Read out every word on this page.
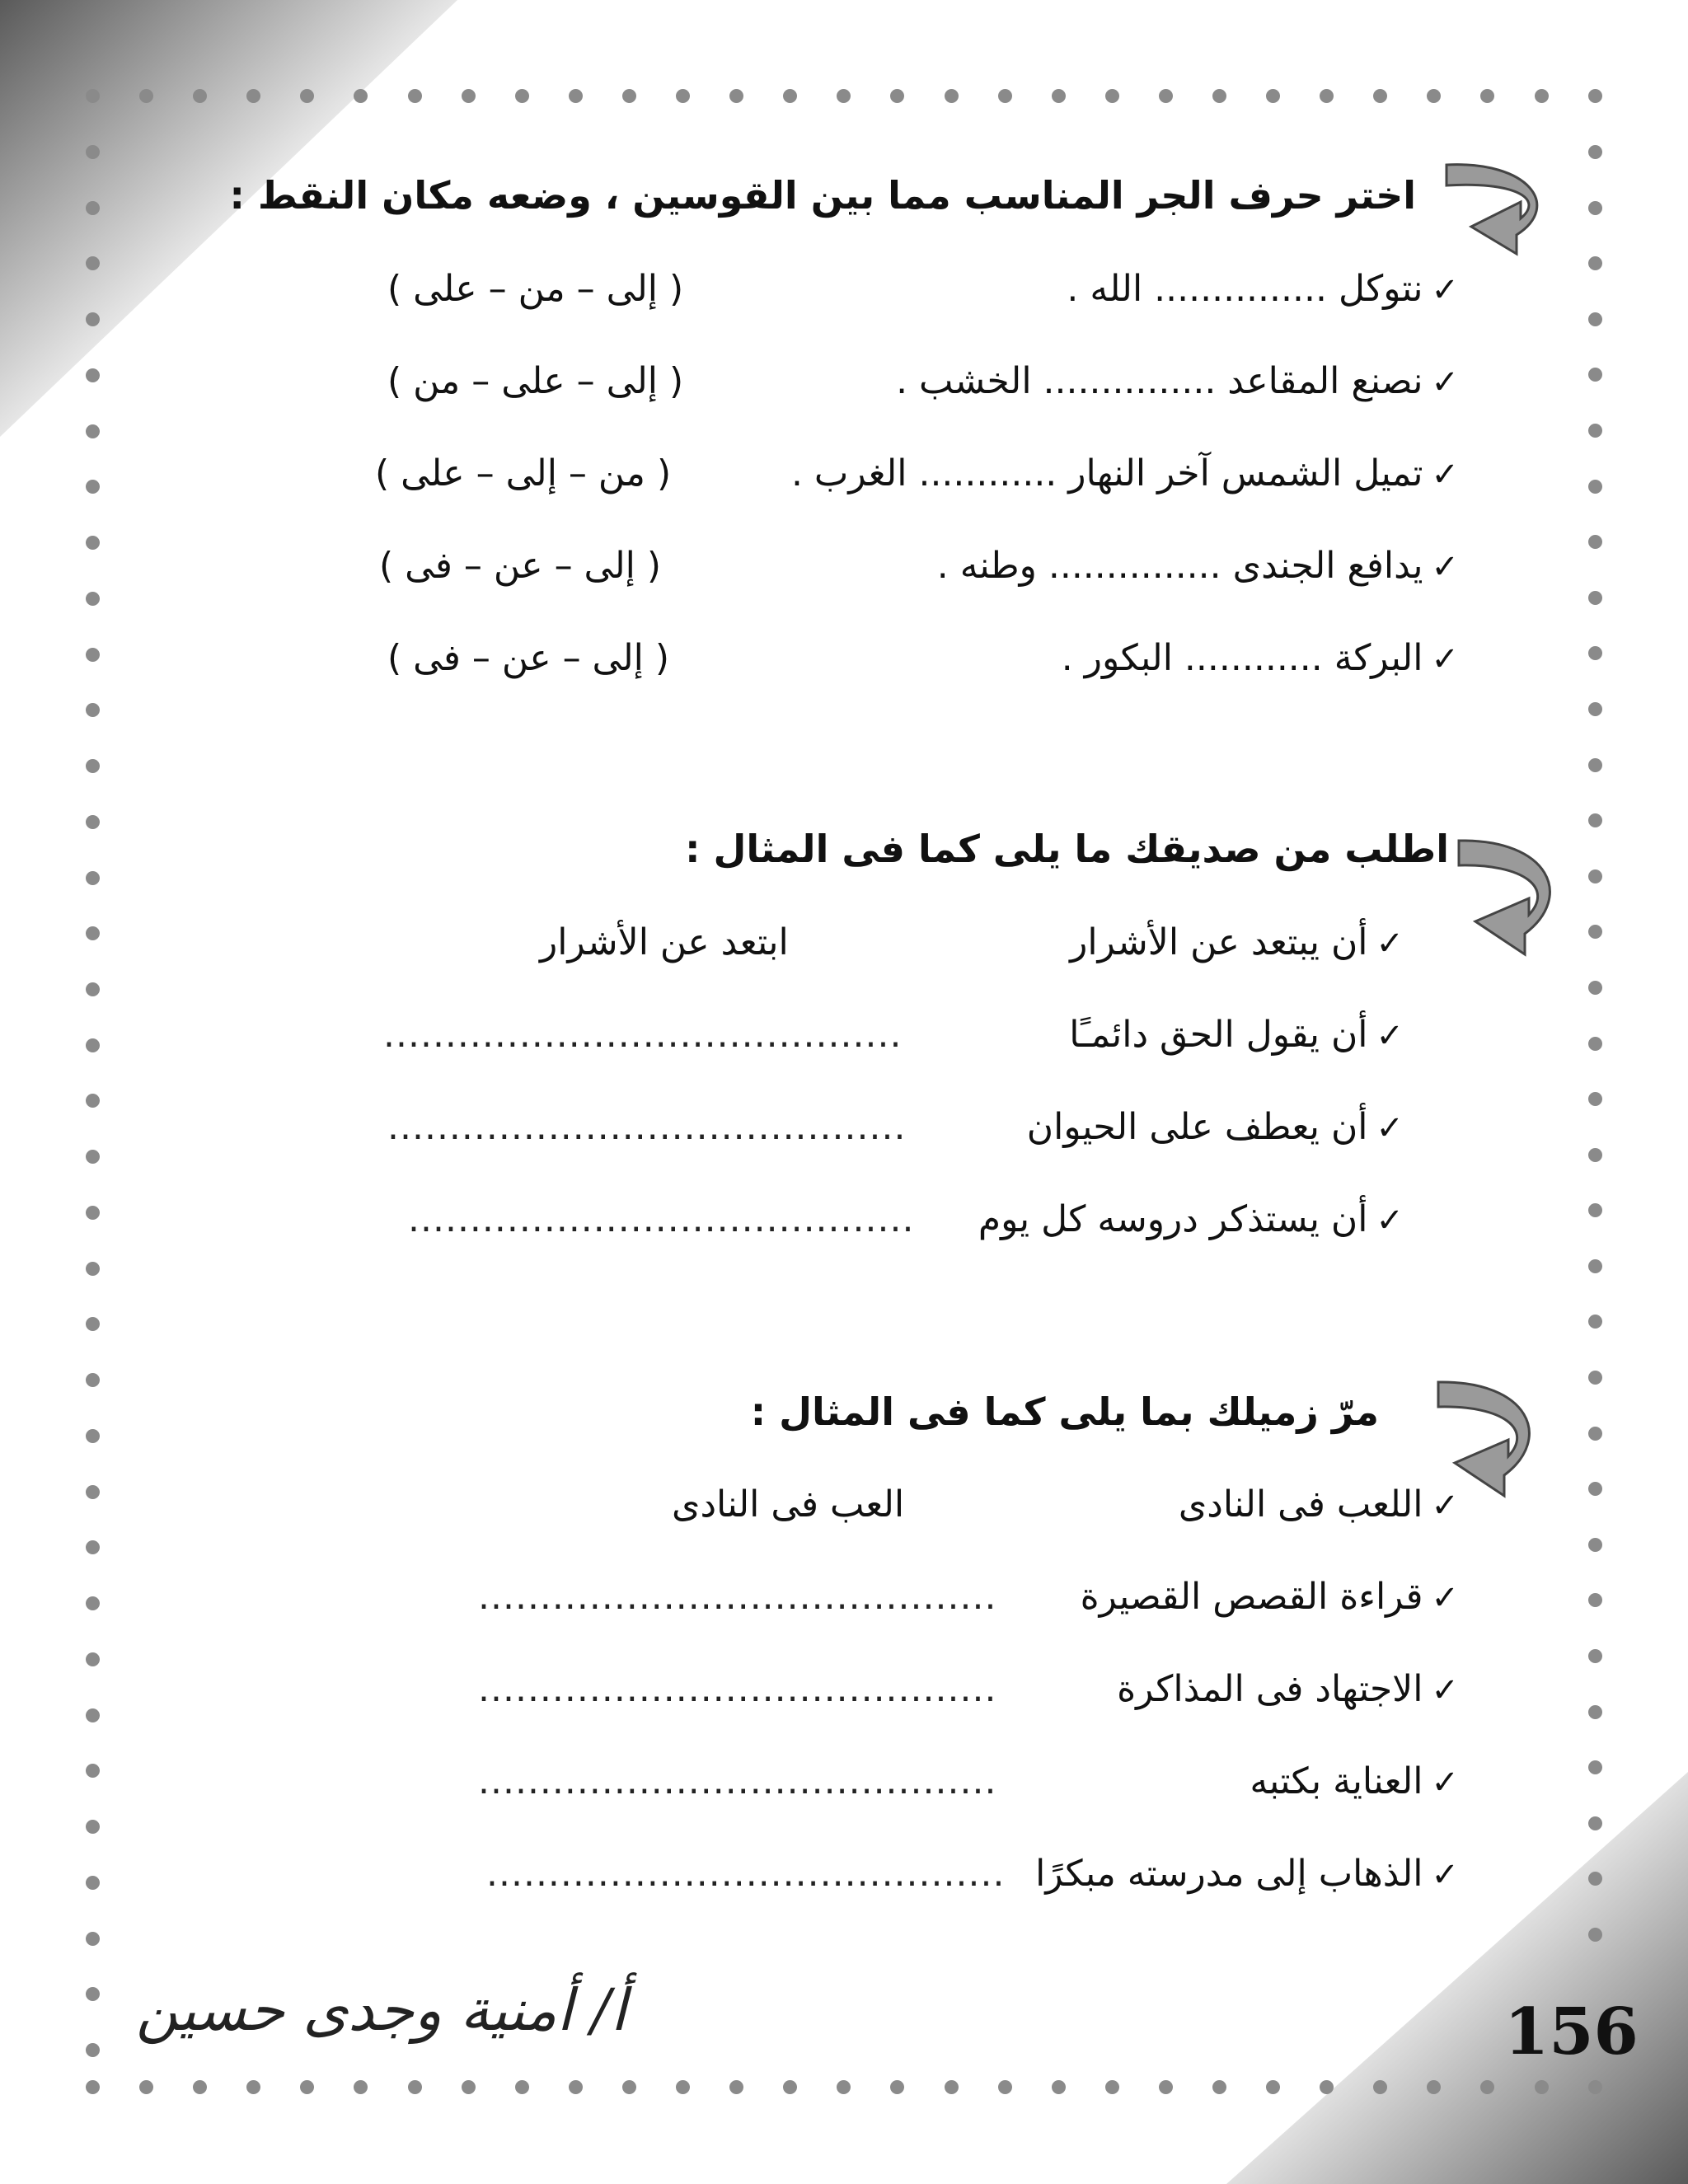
اختر حرف الجر المناسب مما بين القوسين ، وضعه مكان النقط :
✓نتوكل ............... الله .
( إلى – من – على )
✓نصنع المقاعد ............... الخشب .
( إلى – على – من )
✓تميل الشمس آخر النهار ............ الغرب .
( من – إلى – على )
✓يدافع الجندى ............... وطنه .
( إلى – عن – فى )
✓البركة ............ البكور .
( إلى – عن – فى )
اطلب من صديقك ما يلى كما فى المثال :
✓أن يبتعد عن الأشرار
ابتعد عن الأشرار
✓أن يقول الحق دائمـًا
..........................................
✓أن يعطف على الحيوان
..........................................
✓أن يستذكر دروسه كل يوم
.........................................
مرّ زميلك بما يلى كما فى المثال :
✓اللعب فى النادى
العب فى النادى
✓قراءة القصص القصيرة
..........................................
✓الاجتهاد فى المذاكرة
..........................................
✓العناية بكتبه
..........................................
✓الذهاب إلى مدرسته مبكرًا
..........................................
أ/ أمنية وجدى حسين	156
